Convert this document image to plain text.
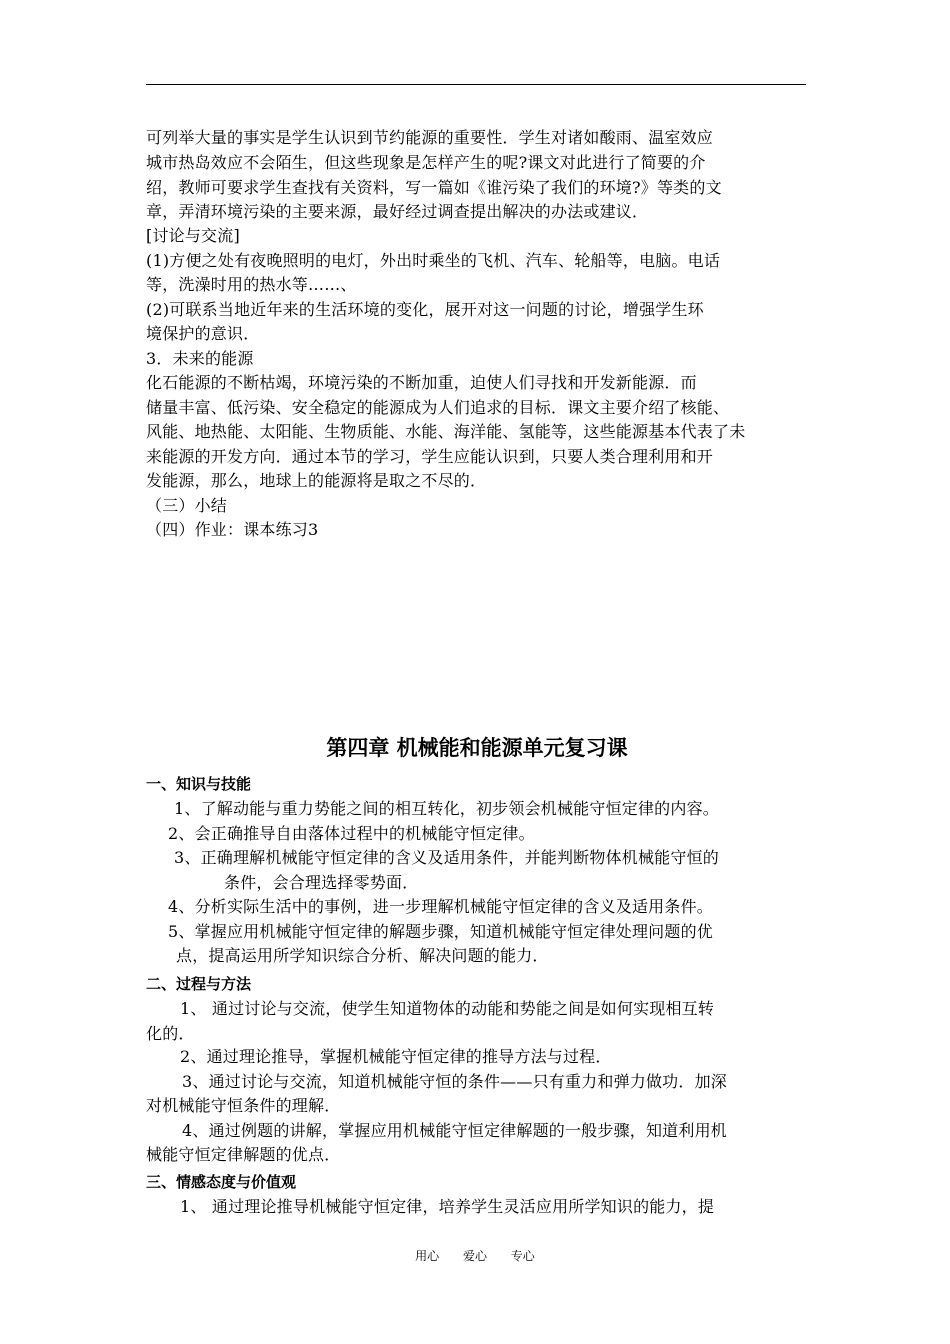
可列举大量的事实是学生认识到节约能源的重要性．学生对诸如酸雨、温室效应
城市热岛效应不会陌生，但这些现象是怎样产生的呢?课文对此进行了简要的介
绍，教师可要求学生查找有关资料，写一篇如《谁污染了我们的环境?》等类的文
章，弄清环境污染的主要来源，最好经过调查提出解决的办法或建议．
[讨论与交流]
(1)方便之处有夜晚照明的电灯，外出时乘坐的飞机、汽车、轮船等，电脑。电话
等，洗澡时用的热水等……、
(2)可联系当地近年来的生活环境的变化，展开对这一问题的讨论，增强学生环
境保护的意识．
3．未来的能源
化石能源的不断枯竭，环境污染的不断加重，迫使人们寻找和开发新能源．而
储量丰富、低污染、安全稳定的能源成为人们追求的目标．课文主要介绍了核能、
风能、地热能、太阳能、生物质能、水能、海洋能、氢能等，这些能源基本代表了未
来能源的开发方向．通过本节的学习，学生应能认识到，只要人类合理利用和开
发能源，那么，地球上的能源将是取之不尽的．
（三）小结
（四）作业：课本练习3
第四章 机械能和能源单元复习课
一、知识与技能
1、了解动能与重力势能之间的相互转化，初步领会机械能守恒定律的内容。
2、会正确推导自由落体过程中的机械能守恒定律。
3、正确理解机械能守恒定律的含义及适用条件，并能判断物体机械能守恒的
条件，会合理选择零势面．
4、分析实际生活中的事例，进一步理解机械能守恒定律的含义及适用条件。
5、掌握应用机械能守恒定律的解题步骤，知道机械能守恒定律处理问题的优
点，提高运用所学知识综合分析、解决问题的能力．
二、过程与方法
1、 通过讨论与交流，使学生知道物体的动能和势能之间是如何实现相互转
化的．
2、通过理论推导，掌握机械能守恒定律的推导方法与过程．
3、通过讨论与交流，知道机械能守恒的条件——只有重力和弹力做功．加深
对机械能守恒条件的理解．
4、通过例题的讲解，掌握应用机械能守恒定律解题的一般步骤，知道利用机
械能守恒定律解题的优点．
三、情感态度与价值观
1、 通过理论推导机械能守恒定律，培养学生灵活应用所学知识的能力，提
用心 爱心 专心
